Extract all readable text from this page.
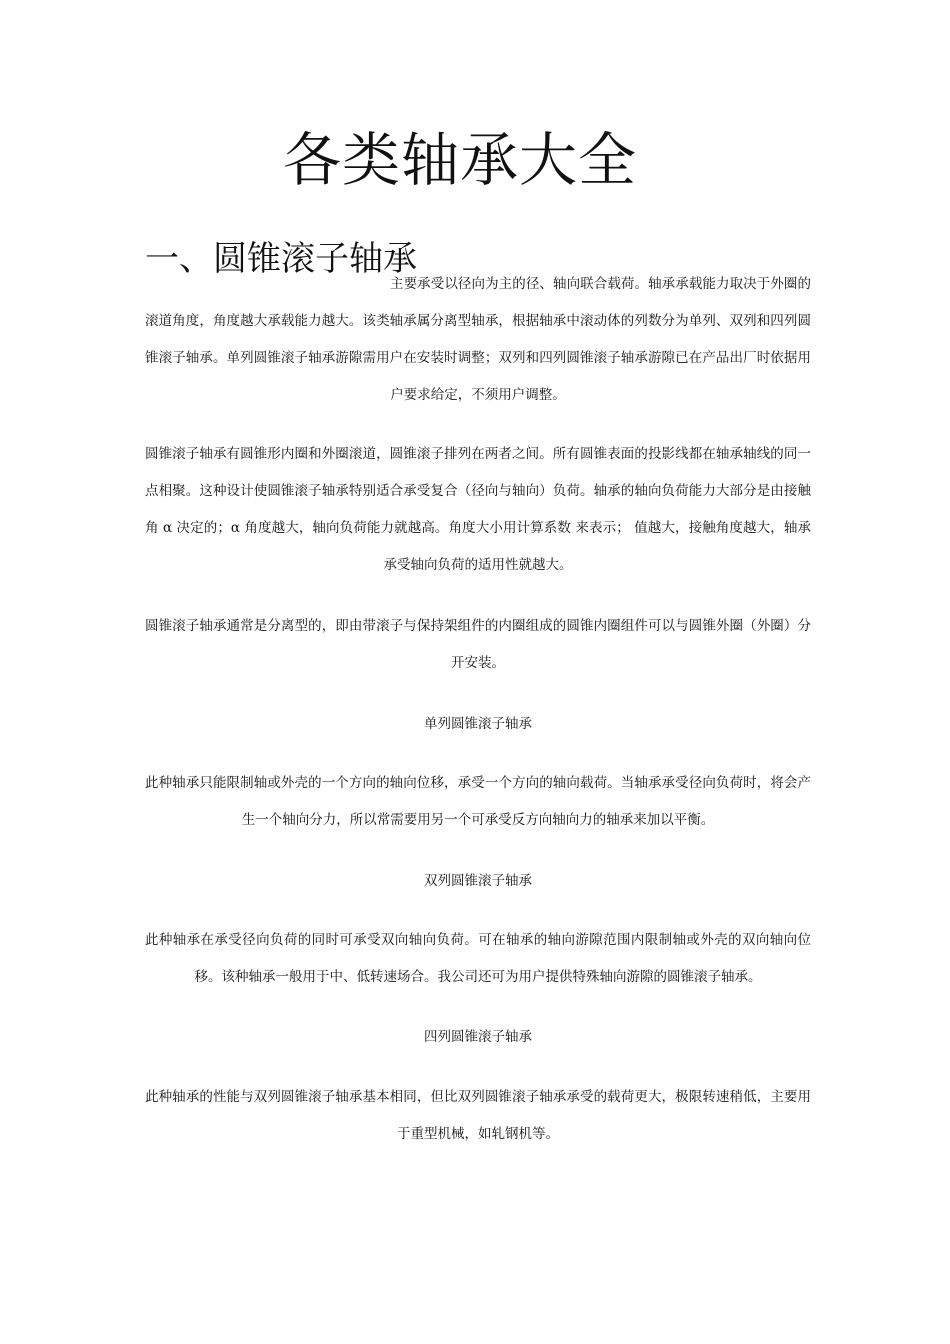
各类轴承大全
一、圆锥滚子轴承

主要承受以径向为主的径、轴向联合载荷。轴承承载能力取决于外圈的滚道角度，角度越大承载能力越大。该类轴承属分离型轴承，根据轴承中滚动体的列数分为单列、双列和四列圆锥滚子轴承。单列圆锥滚子轴承游隙需用户在安装时调整；双列和四列圆锥滚子轴承游隙已在产品出厂时依据用户要求给定，不须用户调整。

圆锥滚子轴承有圆锥形内圈和外圈滚道，圆锥滚子排列在两者之间。所有圆锥表面的投影线都在轴承轴线的同一点相聚。这种设计使圆锥滚子轴承特别适合承受复合（径向与轴向）负荷。轴承的轴向负荷能力大部分是由接触角 α 决定的；α 角度越大，轴向负荷能力就越高。角度大小用计算系数 来表示； 值越大，接触角度越大，轴承承受轴向负荷的适用性就越大。

圆锥滚子轴承通常是分离型的，即由带滚子与保持架组件的内圈组成的圆锥内圈组件可以与圆锥外圈（外圈）分开安装。

单列圆锥滚子轴承

此种轴承只能限制轴或外壳的一个方向的轴向位移，承受一个方向的轴向载荷。当轴承承受径向负荷时，将会产生一个轴向分力，所以常需要用另一个可承受反方向轴向力的轴承来加以平衡。

双列圆锥滚子轴承

此种轴承在承受径向负荷的同时可承受双向轴向负荷。可在轴承的轴向游隙范围内限制轴或外壳的双向轴向位移。该种轴承一般用于中、低转速场合。我公司还可为用户提供特殊轴向游隙的圆锥滚子轴承。

四列圆锥滚子轴承

此种轴承的性能与双列圆锥滚子轴承基本相同，但比双列圆锥滚子轴承承受的载荷更大，极限转速稍低，主要用于重型机械，如轧钢机等。
